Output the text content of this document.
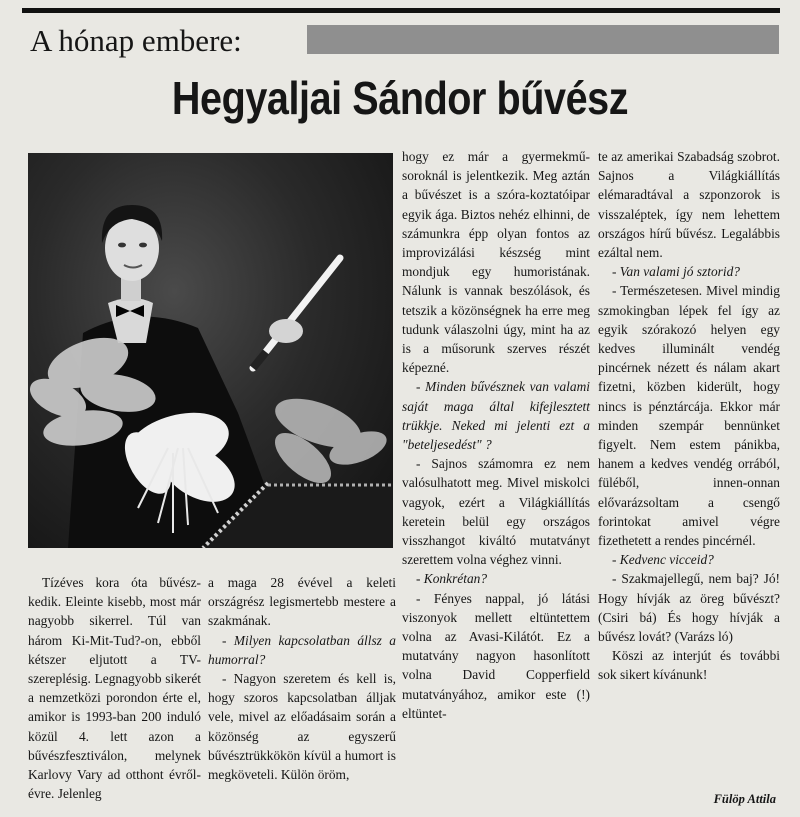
A hónap embere:
Hegyaljai Sándor bűvész

Tízéves kora óta bűvész-kedik. Eleinte kisebb, most már nagyobb sikerrel. Túl van három Ki-Mit-Tud?-on, ebből kétszer eljutott a TV-szereplésig. Legnagyobb sikerét a nemzetközi porondon érte el, amikor is 1993-ban 200 induló közül 4. lett azon a bűvészfesztiválon, melynek Karlovy Vary ad otthont évről-évre. Jelenleg

a maga 28 évével a keleti országrész legismertebb mestere a szakmának.

- Milyen kapcsolatban állsz a humorral?

- Nagyon szeretem és kell is, hogy szoros kapcsolatban álljak vele, mivel az előadásaim során a közönség az egyszerű bűvésztrükkökön kívül a humort is megköveteli. Külön öröm,

hogy ez már a gyermekmű-soroknál is jelentkezik. Meg aztán a bűvészet is a szóra-koztatóipar egyik ága. Biztos nehéz elhinni, de számunkra épp olyan fontos az improvizálási készség mint mondjuk egy humoristának. Nálunk is vannak beszólások, és tetszik a közönségnek ha erre meg tudunk válaszolni úgy, mint ha az is a műsorunk szerves részét képezné.

- Minden bűvésznek van valami saját maga által kifejlesztett trükkje. Neked mi jelenti ezt a "beteljesedést" ?

- Sajnos számomra ez nem valósulhatott meg. Mivel miskolci vagyok, ezért a Világkiállítás keretein belül egy országos visszhangot kiváltó mutatványt szerettem volna véghez vinni.

- Konkrétan?

- Fényes nappal, jó látási viszonyok mellett eltüntettem volna az Avasi-Kilátót. Ez a mutatvány nagyon hasonlított volna David Copperfield mutatványához, amikor este (!) eltüntet-

te az amerikai Szabadság szobrot. Sajnos a Világkiállítás elémaradtával a szponzorok is visszaléptek, így nem lehettem országos hírű bűvész. Legalábbis ezáltal nem.

- Van valami jó sztorid?

- Természetesen. Mivel mindig szmokingban lépek fel így az egyik szórakozó helyen egy kedves illuminált vendég pincérnek nézett és nálam akart fizetni, közben kiderült, hogy nincs is pénztárcája. Ekkor már minden szempár bennünket figyelt. Nem estem pánikba, hanem a kedves vendég orrából, füléből, innen-onnan elővarázsoltam a csengő forintokat amivel végre fizethetett a rendes pincérnél.

- Kedvenc vicceid?

- Szakmajellegű, nem baj? Jó! Hogy hívják az öreg bűvészt? (Csiri bá) És hogy hívják a bűvész lovát? (Varázs ló)

Köszi az interjút és további sok sikert kívánunk!

Fülöp Attila
